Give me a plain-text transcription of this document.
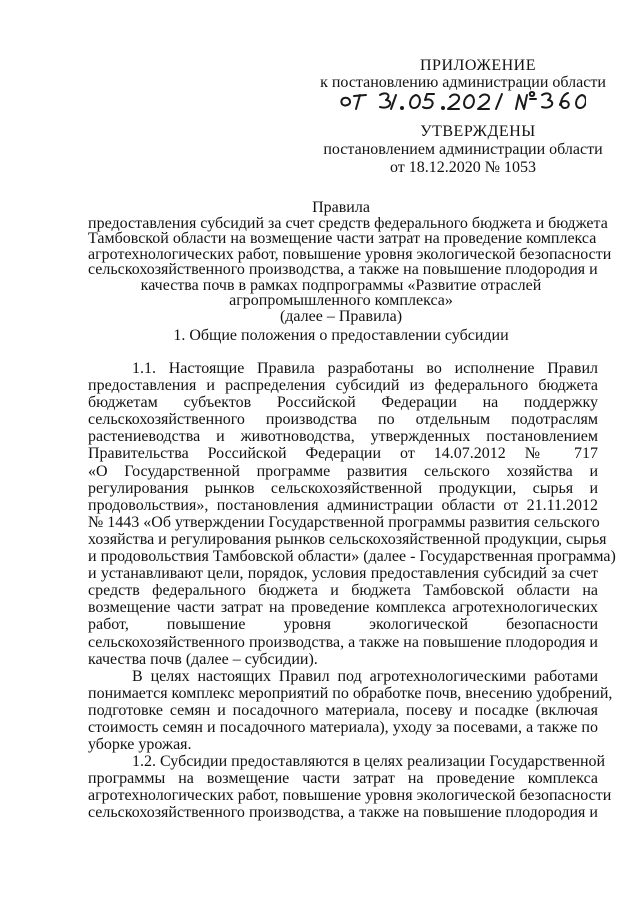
ПРИЛОЖЕНИЕ
к постановлению администрации области
УТВЕРЖДЕНЫ
постановлением администрации области
от 18.12.2020 № 1053
Правила
предоставления субсидий за счет средств федерального бюджета и бюджета
Тамбовской области на возмещение части затрат на проведение комплекса
агротехнологических работ, повышение уровня экологической безопасности
сельскохозяйственного производства, а также на повышение плодородия и
качества почв в рамках подпрограммы «Развитие отраслей
агропромышленного комплекса»
(далее – Правила)
1. Общие положения о предоставлении субсидии
1.1. Настоящие Правила разработаны во исполнение Правил
предоставления и распределения субсидий из федерального бюджета
бюджетам субъектов Российской Федерации на поддержку
сельскохозяйственного производства по отдельным подотраслям
растениеводства и животноводства, утвержденных постановлением
Правительства Российской Федерации от 14.07.2012 № 717
«О Государственной программе развития сельского хозяйства и
регулирования рынков сельскохозяйственной продукции, сырья и
продовольствия», постановления администрации области от 21.11.2012
№ 1443 «Об утверждении Государственной программы развития сельского
хозяйства и регулирования рынков сельскохозяйственной продукции, сырья
и продовольствия Тамбовской области» (далее - Государственная программа)
и устанавливают цели, порядок, условия предоставления субсидий за счет
средств федерального бюджета и бюджета Тамбовской области на
возмещение части затрат на проведение комплекса агротехнологических
работ, повышение уровня экологической безопасности
сельскохозяйственного производства, а также на повышение плодородия и
качества почв (далее – субсидии).
В целях настоящих Правил под агротехнологическими работами
понимается комплекс мероприятий по обработке почв, внесению удобрений,
подготовке семян и посадочного материала, посеву и посадке (включая
стоимость семян и посадочного материала), уходу за посевами, а также по
уборке урожая.
1.2. Субсидии предоставляются в целях реализации Государственной
программы на возмещение части затрат на проведение комплекса
агротехнологических работ, повышение уровня экологической безопасности
сельскохозяйственного производства, а также на повышение плодородия и
